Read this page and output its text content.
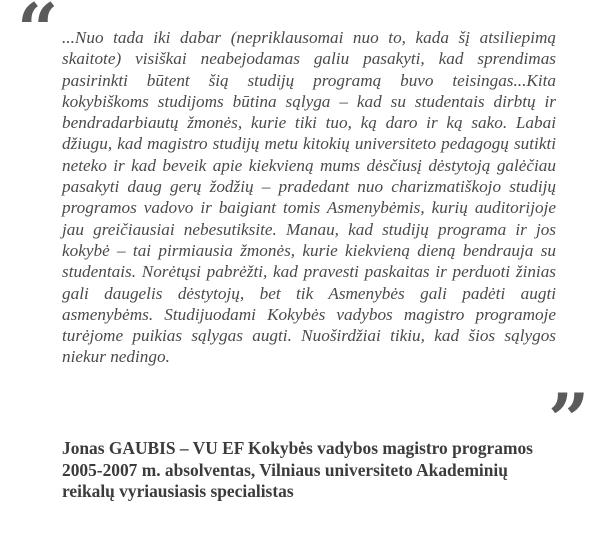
“ ...Nuo tada iki dabar (nepriklausomai nuo to, kada šį atsiliepimą skaitote) visiškai neabejodamas galiu pasakyti, kad sprendimas pasirinkti būtent šią studijų programą buvo teisingas...Kita kokybiškoms studijoms būtina sąlyga – kad su studentais dirbtų ir bendradarbiautų žmonės, kurie tiki tuo, ką daro ir ką sako. Labai džiugu, kad magistro studijų metu kitokių universiteto pedagogų sutikti neteko ir kad beveik apie kiekvieną mums dėsčiusį dėstytoją galėčiau pasakyti daug gerų žodžių – pradedant nuo charizmatiškojo studijų programos vadovo ir baigiant tomis Asmenybėmis, kurių auditorijoje jau greičiausiai nebesutiksite. Manau, kad studijų programa ir jos kokybė – tai pirmiausia žmonės, kurie kiekvieną dieną bendrauja su studentais. Norėtųsi pabrėžti, kad pravesti paskaitas ir perduoti žinias gali daugelis dėstytojų, bet tik Asmenybės gali padėti augti asmenybėms. Studijuodami Kokybės vadybos magistro programoje turėjome puikias sąlygas augti. Nuoširdžiai tikiu, kad šios sąlygos niekur nedingo.

”

Jonas GAUBIS – VU EF Kokybės vadybos magistro programos 2005-2007 m. absolventas, Vilniaus universiteto Akademinių reikalų vyriausiasis specialistas
